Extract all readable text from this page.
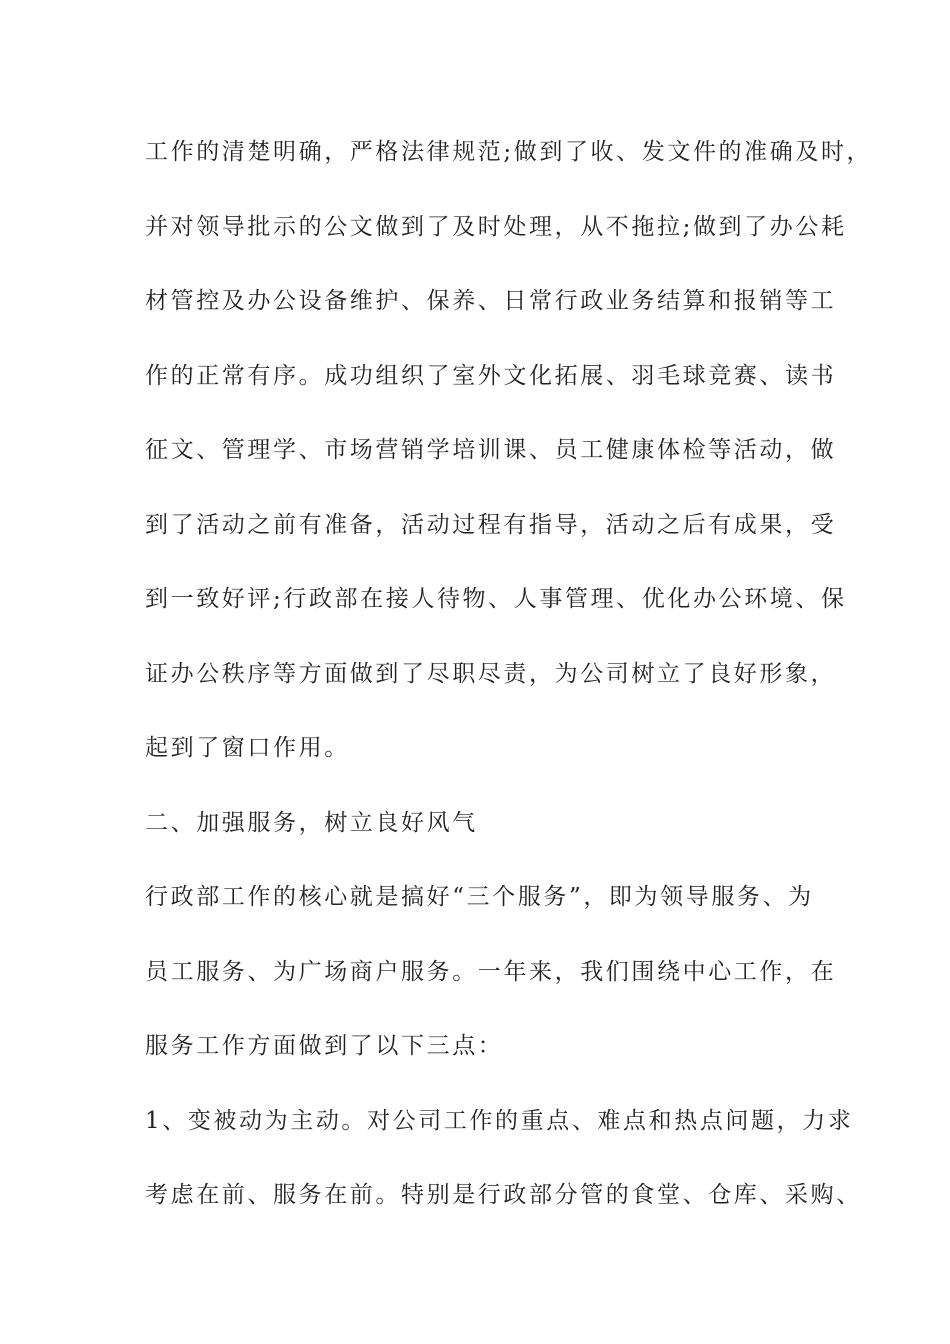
工作的清楚明确，严格法律规范;做到了收、发文件的准确及时，
并对领导批示的公文做到了及时处理，从不拖拉;做到了办公耗
材管控及办公设备维护、保养、日常行政业务结算和报销等工
作的正常有序。成功组织了室外文化拓展、羽毛球竞赛、读书
征文、管理学、市场营销学培训课、员工健康体检等活动，做
到了活动之前有准备，活动过程有指导，活动之后有成果，受
到一致好评;行政部在接人待物、人事管理、优化办公环境、保
证办公秩序等方面做到了尽职尽责，为公司树立了良好形象，
起到了窗口作用。
二、加强服务，树立良好风气
行政部工作的核心就是搞好“三个服务”，即为领导服务、为
员工服务、为广场商户服务。一年来，我们围绕中心工作，在
服务工作方面做到了以下三点：
1、变被动为主动。对公司工作的重点、难点和热点问题，力求
考虑在前、服务在前。特别是行政部分管的食堂、仓库、采购、
